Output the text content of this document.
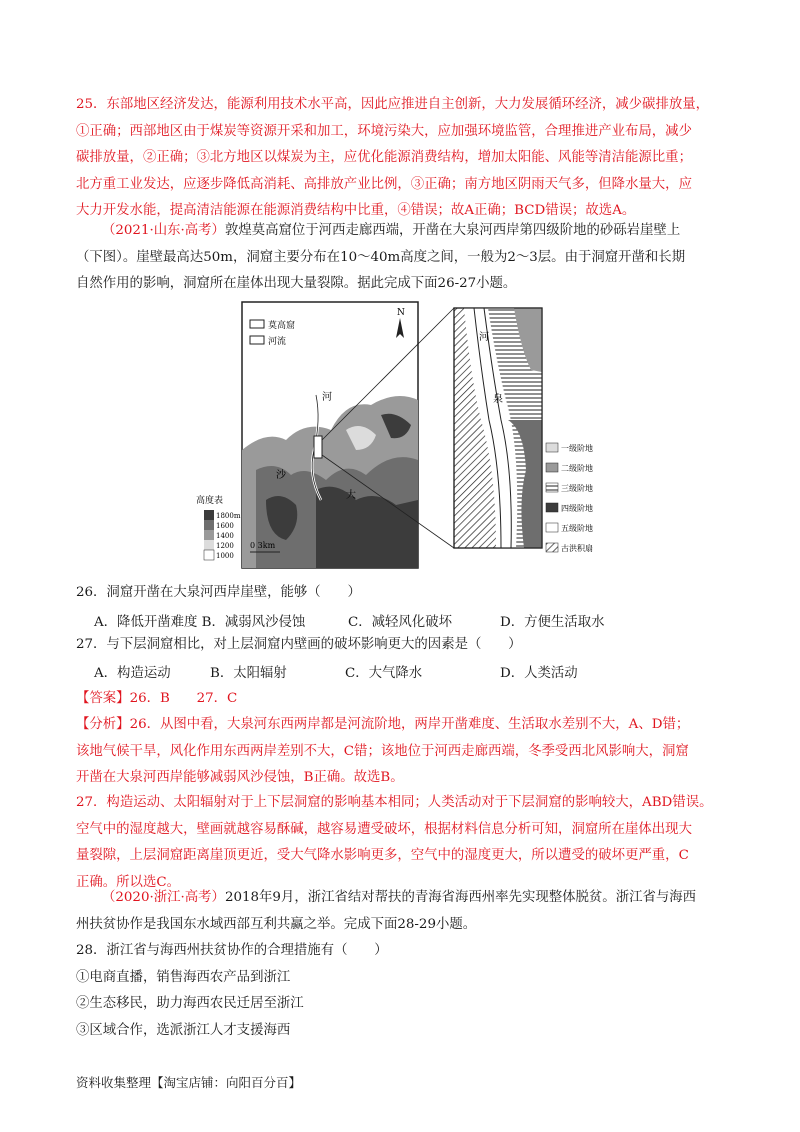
25．东部地区经济发达，能源利用技术水平高，因此应推进自主创新，大力发展循环经济，减少碳排放量，
①正确；西部地区由于煤炭等资源开采和加工，环境污染大，应加强环境监管，合理推进产业布局，减少
碳排放量，②正确；③北方地区以煤炭为主，应优化能源消费结构，增加太阳能、风能等清洁能源比重；
北方重工业发达，应逐步降低高消耗、高排放产业比例，③正确；南方地区阴雨天气多，但降水量大，应
大力开发水能，提高清洁能源在能源消费结构中比重，④错误；故A正确；BCD错误；故选A。
（2021·山东·高考）敦煌莫高窟位于河西走廊西端，开凿在大泉河西岸第四级阶地的砂砾岩崖壁上
（下图）。崖壁最高达50m，洞窟主要分布在10～40m高度之间，一般为2～3层。由于洞窟开凿和长期
自然作用的影响，洞窟所在崖体出现大量裂隙。据此完成下面26-27小题。
莫高窟
河流
N
河
沙
大
0 3km
高度表
1800m
1600
1400
1200
1000
河
泉
一级阶地
二级阶地
三级阶地
四级阶地
五级阶地
古洪积扇
26．洞窟开凿在大泉河西岸崖壁，能够（　　）
A．降低开凿难度 B．减弱风沙侵蚀	C．减轻风化破坏	D．方便生活取水
27．与下层洞窟相比，对上层洞窟内壁画的破坏影响更大的因素是（　　）
A．构造运动	B．太阳辐射	C．大气降水	D．人类活动
【答案】26．B　　27．C
【分析】26．从图中看，大泉河东西两岸都是河流阶地，两岸开凿难度、生活取水差别不大，A、D错；
该地气候干旱，风化作用东西两岸差别不大，C错；该地位于河西走廊西端，冬季受西北风影响大，洞窟
开凿在大泉河西岸能够减弱风沙侵蚀，B正确。故选B。
27．构造运动、太阳辐射对于上下层洞窟的影响基本相同；人类活动对于下层洞窟的影响较大，ABD错误。
空气中的湿度越大，壁画就越容易酥碱，越容易遭受破坏，根据材料信息分析可知，洞窟所在崖体出现大
量裂隙，上层洞窟距离崖顶更近，受大气降水影响更多，空气中的湿度更大，所以遭受的破坏更严重，C
正确。所以选C。
（2020·浙江·高考）2018年9月，浙江省结对帮扶的青海省海西州率先实现整体脱贫。浙江省与海西
州扶贫协作是我国东水域西部互利共赢之举。完成下面28-29小题。
28．浙江省与海西州扶贫协作的合理措施有（　　）
①电商直播，销售海西农产品到浙江
②生态移民，助力海西农民迁居至浙江
③区域合作，选派浙江人才支援海西
资料收集整理【淘宝店铺：向阳百分百】
